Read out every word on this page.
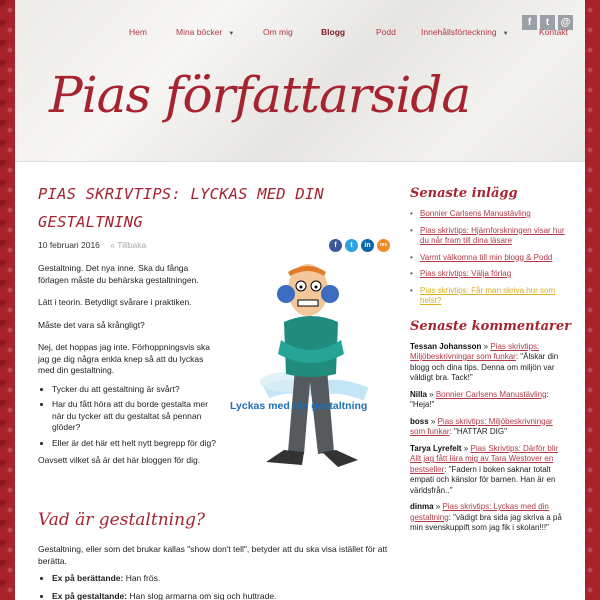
f	t	@
Hem	Mina böcker ▼	Om mig	Blogg	Podd	Innehållsförteckning ▼	Kontakt
Pias författarsida
PIAS SKRIVTIPS: LYCKAS MED DIN GESTALTNING
10 februari 2016 « Tillbaka	f	t	in	rss

Gestaltning. Det nya inne. Ska du fånga förlagen måste du behärska gestaltningen.

Lätt i teorin. Betydligt svårare i praktiken.

Måste det vara så krångligt?

Nej, det hoppas jag inte. Förhoppningsvis ska jag ge dig några enkla knep så att du lyckas med din gestaltning.

• Tycker du att gestaltning är svårt?
• Har du fått höra att du borde gestalta mer när du tycker att du gestaltat så pennan glöder?
• Eller är det här ett helt nytt begrepp för dig?

Oavsett vilket så är det här bloggen för dig.

Lyckas med din gestaltning
Vad är gestaltning?

Gestaltning, eller som det brukar kallas "show don't tell", betyder att du ska visa istället för att berätta.

• Ex på berättande: Han frös.
• Ex på gestaltande: Han slog armarna om sig och huttrade.
Senaste inlägg
• Bonnier Carlsens Manustävling
• Pias skrivtips: Hjärnforskningen visar hur du når fram till dina läsare
• Varmt välkomna till min blogg & Podd
• Pias skrivtips: Välja förlag
• Pias skrivtips: Får man skriva hur som helst?
Senaste kommentarer
Tessan Johansson » Pias skrivtips: Miljöbeskrivningar som funkar: "Älskar din blogg och dina tips. Denna om miljön var väldigt bra. Tack!"
Nilla » Bonnier Carlsens Manustävling: "Heja!"
boss » Pias skrivtips: Miljöbeskrivningar som funkar: "HATTAR DIG"
Tarya Lyrefelt » Pias Skrivtips: Därför blir Allt jag fått lära mig av Tara Westover en bestseller: "Fadern i boken saknar totalt empati och känslor för barnen. Han är en världsfrån.."
dinma » Pias skrivtips: Lyckas med din gestaltning: "vädigt bra sida jag skriva a på min svenskuppift som jag fik i skolan!!!"
